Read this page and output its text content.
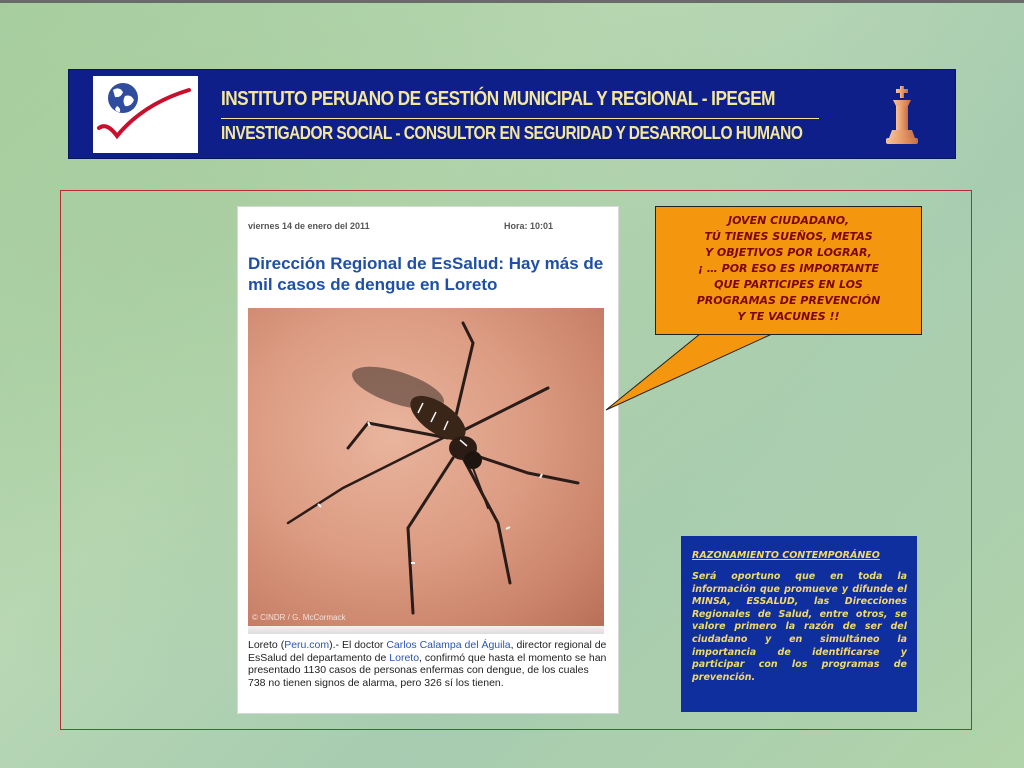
INSTITUTO PERUANO DE GESTIÓN MUNICIPAL Y REGIONAL - IPEGEM
INVESTIGADOR SOCIAL - CONSULTOR EN SEGURIDAD Y DESARROLLO HUMANO
viernes 14 de enero del 2011	Hora: 10:01
Dirección Regional de EsSalud: Hay más de mil casos de dengue en Loreto
© CINDR / G. McCormack
Loreto (Peru.com).- El doctor Carlos Calampa del Águila, director regional de EsSalud del departamento de Loreto, confirmó que hasta el momento se han presentado 1130 casos de personas enfermas con dengue, de los cuales 738 no tienen signos de alarma, pero 326 sí los tienen.
JOVEN CIUDADANO,
TÚ TIENES SUEÑOS, METAS
Y OBJETIVOS POR LOGRAR,
¡ … POR ESO ES IMPORTANTE
QUE PARTICIPES EN LOS
PROGRAMAS DE PREVENCIÓN
Y TE VACUNES !!
RAZONAMIENTO CONTEMPORÁNEO
Será oportuno que en toda la información que promueve y difunde el MINSA, ESSALUD, las Direcciones Regionales de Salud, entre otros, se valore primero la razón de ser del ciudadano y en simultáneo la importancia de identificarse y participar con los programas de prevención.
